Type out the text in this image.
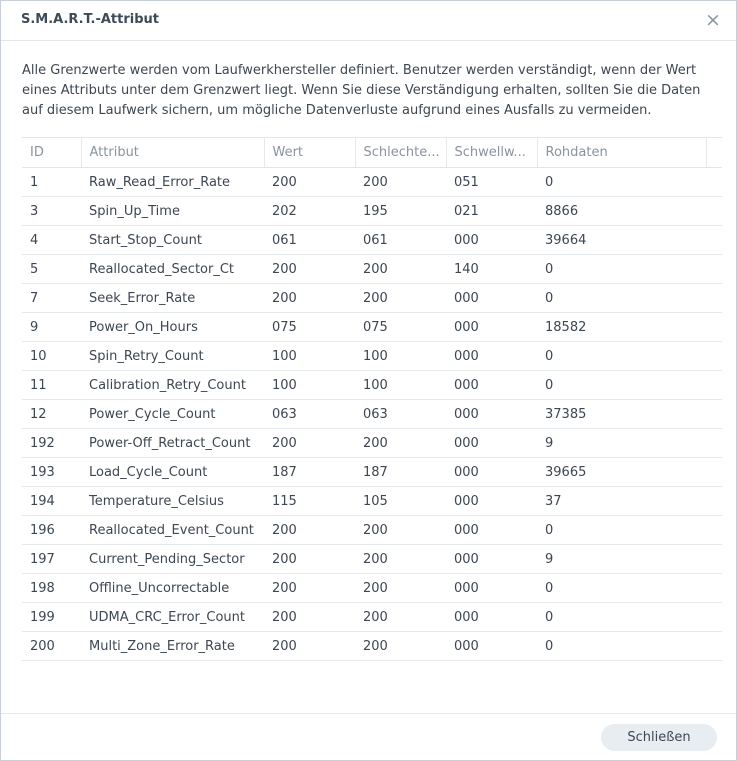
S.M.A.R.T.-Attribut	×
Alle Grenzwerte werden vom Laufwerkhersteller definiert. Benutzer werden verständigt, wenn der Wert eines Attributs unter dem Grenzwert liegt. Wenn Sie diese Verständigung erhalten, sollten Sie die Daten auf diesem Laufwerk sichern, um mögliche Datenverluste aufgrund eines Ausfalls zu vermeiden.
ID	Attribut	Wert	Schlechte...	Schwellw...	Rohdaten	
1	Raw_Read_Error_Rate	200	200	051	0	
3	Spin_Up_Time	202	195	021	8866	
4	Start_Stop_Count	061	061	000	39664	
5	Reallocated_Sector_Ct	200	200	140	0	
7	Seek_Error_Rate	200	200	000	0	
9	Power_On_Hours	075	075	000	18582	
10	Spin_Retry_Count	100	100	000	0	
11	Calibration_Retry_Count	100	100	000	0	
12	Power_Cycle_Count	063	063	000	37385	
192	Power-Off_Retract_Count	200	200	000	9	
193	Load_Cycle_Count	187	187	000	39665	
194	Temperature_Celsius	115	105	000	37	
196	Reallocated_Event_Count	200	200	000	0	
197	Current_Pending_Sector	200	200	000	9	
198	Offline_Uncorrectable	200	200	000	0	
199	UDMA_CRC_Error_Count	200	200	000	0	
200	Multi_Zone_Error_Rate	200	200	000	0	
Schließen
